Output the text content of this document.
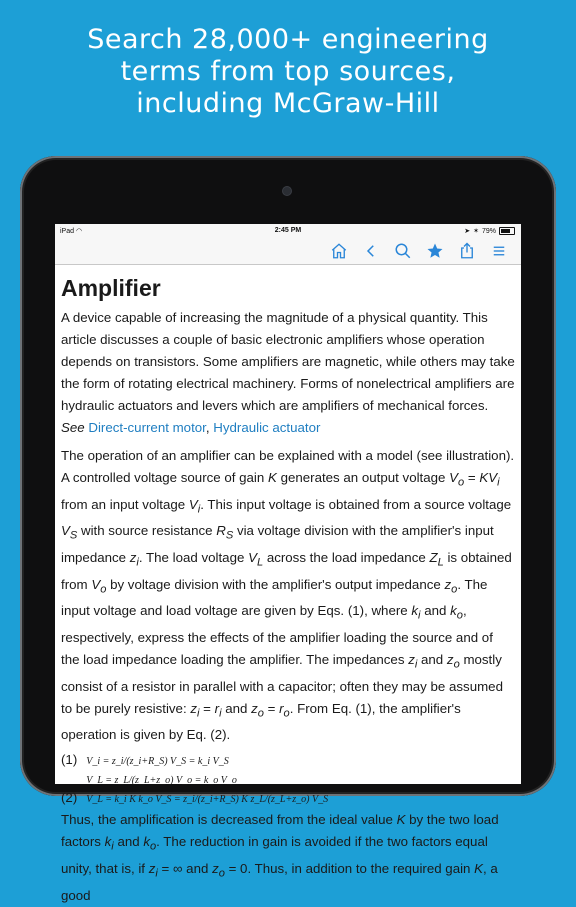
Search 28,000+ engineering
terms from top sources,
including McGraw-Hill
iPad ◠	2:45 PM	➤ ✶ 79%
Amplifier

A device capable of increasing the magnitude of a physical quantity. This article discusses a couple of basic electronic amplifiers whose operation depends on transistors. Some amplifiers are magnetic, while others may take the form of rotating electrical machinery. Forms of nonelectrical amplifiers are hydraulic actuators and levers which are amplifiers of mechanical forces. See Direct-current motor, Hydraulic actuator

The operation of an amplifier can be explained with a model (see illustration). A controlled voltage source of gain K generates an output voltage $V_o = KV_i$ from an input voltage $V_i$. This input voltage is obtained from a source voltage $V_S$ with source resistance $R_S$ via voltage division with the amplifier's input impedance $z_i$. The load voltage $V_L$ across the load impedance $Z_L$ is obtained from $V_o$ by voltage division with the amplifier's output impedance $z_o$. The input voltage and load voltage are given by Eqs. (1), where $k_i$ and $k_o$, respectively, express the effects of the amplifier loading the source and of the load impedance loading the amplifier. The impedances $z_i$ and $z_o$ mostly consist of a resistor in parallel with a capacitor; often they may be assumed to be purely resistive: $z_i = r_i$ and $z_o = r_o$. From Eq. (1), the amplifier's operation is given by Eq. (2).

(1) V_i = z_i/(z_i+R_S) V_S = k_i V_S
V_L = z_L/(z_L+z_o) V_o = k_o V_o
(2) V_L = k_i K k_o V_S = z_i/(z_i+R_S) K z_L/(z_L+z_o) V_S

Thus, the amplification is decreased from the ideal value K by the two load factors $k_i$ and $k_o$. The reduction in gain is avoided if the two factors equal unity, that is, if $z_i$ = ∞ and $z_o = 0$. Thus, in addition to the required gain K, a good
